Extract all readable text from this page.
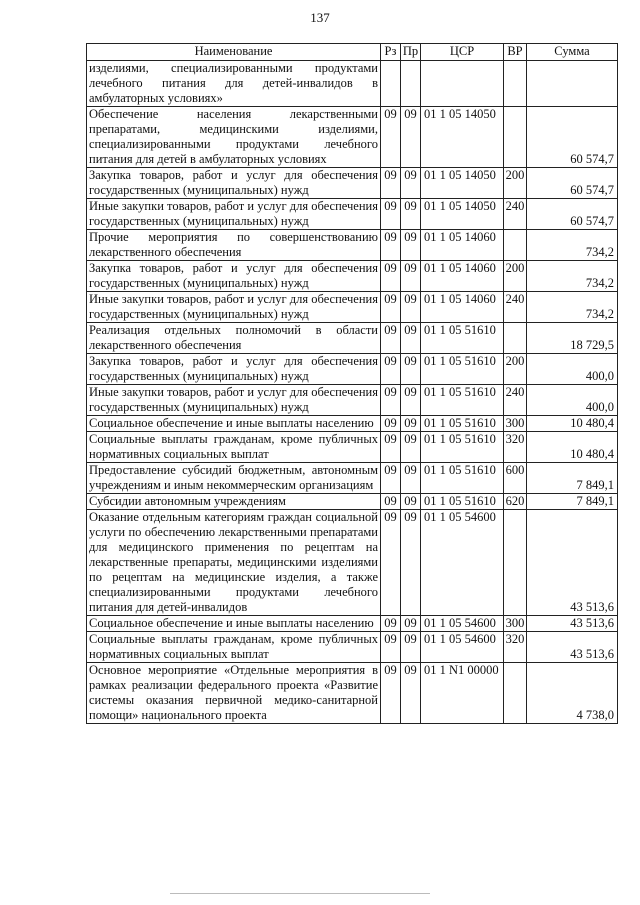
137
Наименование	Рз	Пр	ЦСР	ВР	Сумма
изделиями, специализированными продуктами лечебного питания для детей-инвалидов в амбулаторных условиях»					
Обеспечение населения лекарственными препаратами, медицинскими изделиями, специализированными продуктами лечебного питания для детей в амбулаторных условиях	09	09	01 1 05 14050		60 574,7
Закупка товаров, работ и услуг для обеспечения государственных (муниципальных) нужд	09	09	01 1 05 14050	200	60 574,7
Иные закупки товаров, работ и услуг для обеспечения государственных (муниципальных) нужд	09	09	01 1 05 14050	240	60 574,7
Прочие мероприятия по совершенствованию лекарственного обеспечения	09	09	01 1 05 14060		734,2
Закупка товаров, работ и услуг для обеспечения государственных (муниципальных) нужд	09	09	01 1 05 14060	200	734,2
Иные закупки товаров, работ и услуг для обеспечения государственных (муниципальных) нужд	09	09	01 1 05 14060	240	734,2
Реализация отдельных полномочий в области лекарственного обеспечения	09	09	01 1 05 51610		18 729,5
Закупка товаров, работ и услуг для обеспечения государственных (муниципальных) нужд	09	09	01 1 05 51610	200	400,0
Иные закупки товаров, работ и услуг для обеспечения государственных (муниципальных) нужд	09	09	01 1 05 51610	240	400,0
Социальное обеспечение и иные выплаты населению	09	09	01 1 05 51610	300	10 480,4
Социальные выплаты гражданам, кроме публичных нормативных социальных выплат	09	09	01 1 05 51610	320	10 480,4
Предоставление субсидий бюджетным, автономным учреждениям и иным некоммерческим организациям	09	09	01 1 05 51610	600	7 849,1
Субсидии автономным учреждениям	09	09	01 1 05 51610	620	7 849,1
Оказание отдельным категориям граждан социальной услуги по обеспечению лекарственными препаратами для медицинского применения по рецептам на лекарственные препараты, медицинскими изделиями по рецептам на медицинские изделия, а также специализированными продуктами лечебного питания для детей-инвалидов	09	09	01 1 05 54600		43 513,6
Социальное обеспечение и иные выплаты населению	09	09	01 1 05 54600	300	43 513,6
Социальные выплаты гражданам, кроме публичных нормативных социальных выплат	09	09	01 1 05 54600	320	43 513,6
Основное мероприятие «Отдельные мероприятия в рамках реализации федерального проекта «Развитие системы оказания первичной медико-санитарной помощи» национального проекта	09	09	01 1 N1 00000		4 738,0
